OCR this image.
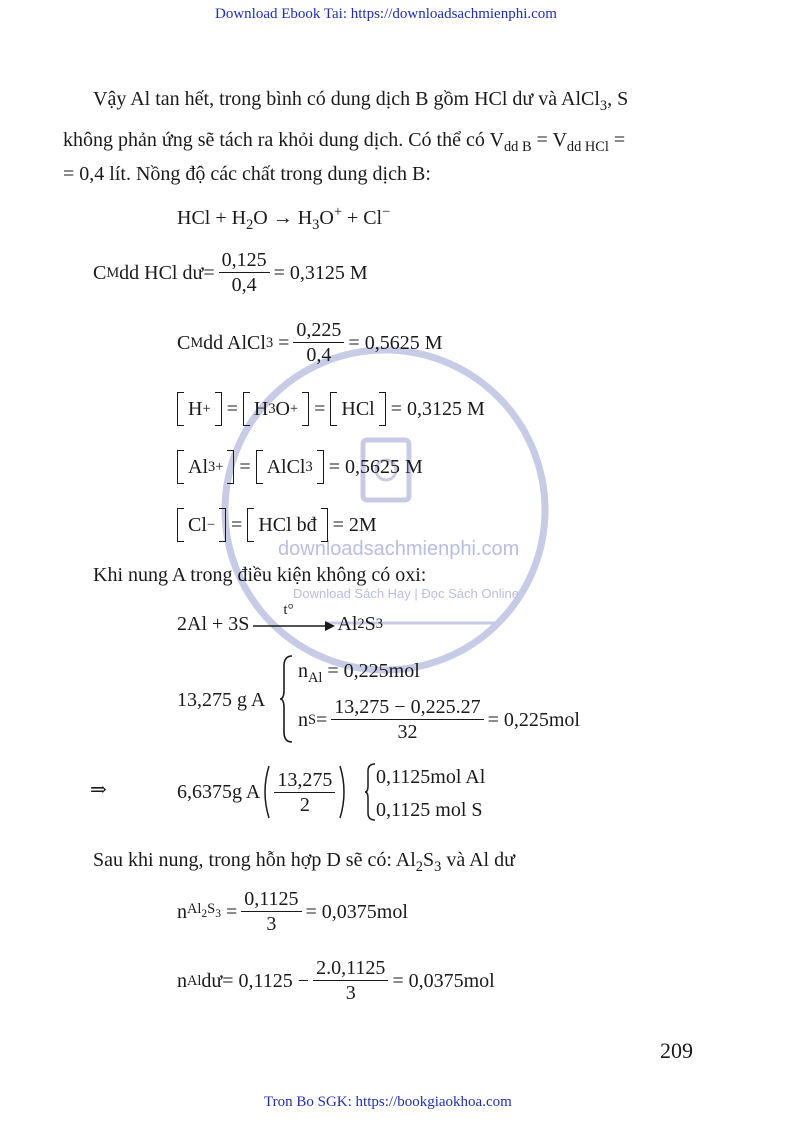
downloadsachmienphi.com
Download Sách Hay | Đọc Sách Online
Download Ebook Tai: https://downloadsachmienphi.com
Vậy Al tan hết, trong bình có dung dịch B gồm HCl dư và AlCl$_3$, S
không phản ứng sẽ tách ra khỏi dung dịch. Có thể có $V_{dd B} = V_{dd HCl}$ =
= 0,4 lít. Nồng độ các chất trong dung dịch B:
HCl + $H_2O \to H_3O^+ + Cl^-$
C M dd HCl dư= $\frac{0,125}{0,4} = 0,3125$ M
C M dd AlCl 3
= $\frac{0,225}{0,4} = 0,5625$ M
H + = H 3 O + = HCl
= 0,3125 M
Al 3+ = AlCl 3
= 0,5625 M
Cl − = HCl bđ
= 2M
Khi nung A trong điều kiện không có oxi:
2Al + 3S
t°
Al 2 S 3
13,275 g A
$n_{Al} = 0,225mol$
n $S = \frac{13,275 - 0,225.27}{32} = 0,225mol$
⇒	6,6375g A $\frac{13,275}{2} 0,1125mol$ Al
0,1125 mol S
Sau khi nung, trong hỗn hợp D sẽ có: $Al_2S_3$ và Al dư
n $Al_2S_3$
= $\frac{0,1125}{3} = 0,0375mol$
n Al dư= $0,1125 - \frac{2.0,1125}{3} = 0,0375mol$
209
Tron Bo SGK: https://bookgiaokhoa.com
